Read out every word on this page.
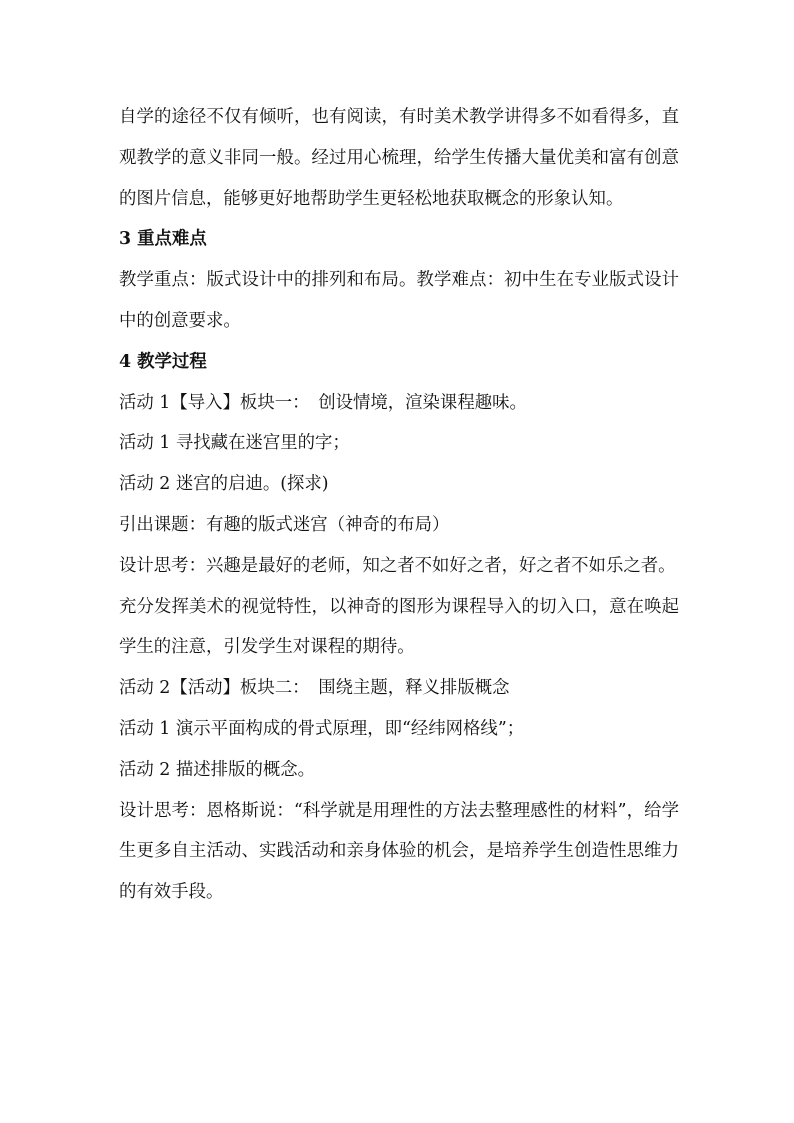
自学的途径不仅有倾听，也有阅读，有时美术教学讲得多不如看得多，直观教学的意义非同一般。经过用心梳理，给学生传播大量优美和富有创意的图片信息，能够更好地帮助学生更轻松地获取概念的形象认知。

3 重点难点

教学重点：版式设计中的排列和布局。教学难点：初中生在专业版式设计中的创意要求。

4 教学过程

活动 1【导入】板块一：　创设情境，渲染课程趣味。

活动 1 寻找藏在迷宫里的字；

活动 2 迷宫的启迪。(探求)

引出课题：有趣的版式迷宫（神奇的布局）

设计思考：兴趣是最好的老师，知之者不如好之者，好之者不如乐之者。

充分发挥美术的视觉特性，以神奇的图形为课程导入的切入口，意在唤起学生的注意，引发学生对课程的期待。

活动 2【活动】板块二：　围绕主题，释义排版概念

活动 1 演示平面构成的骨式原理，即“经纬网格线”；

活动 2 描述排版的概念。

设计思考：恩格斯说：“科学就是用理性的方法去整理感性的材料”，给学生更多自主活动、实践活动和亲身体验的机会，是培养学生创造性思维力的有效手段。
